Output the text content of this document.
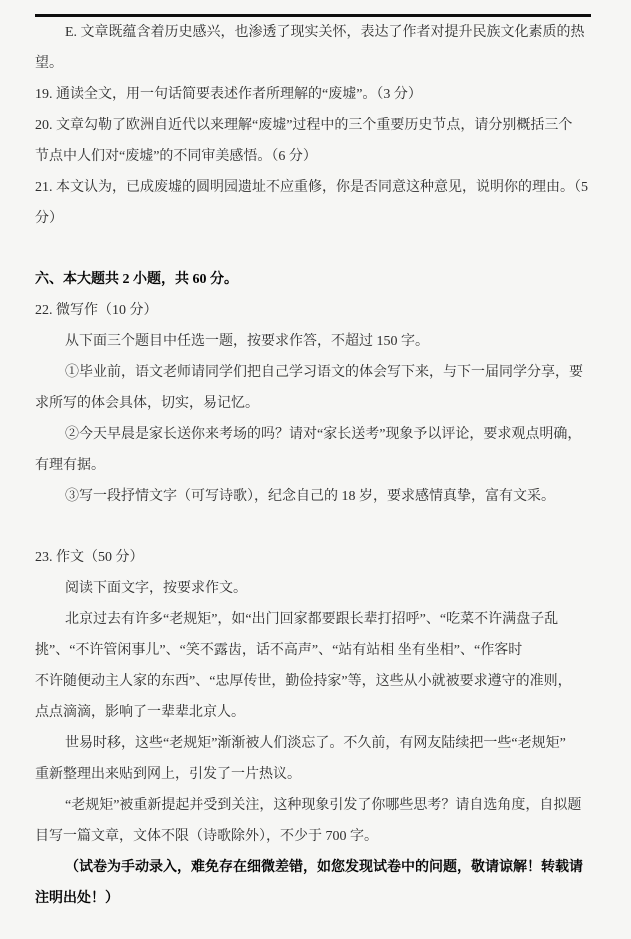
E. 文章既蕴含着历史感兴，也渗透了现实关怀，表达了作者对提升民族文化素质的热
望。
19. 通读全文，用一句话简要表述作者所理解的“废墟”。（3 分）
20. 文章勾勒了欧洲自近代以来理解“废墟”过程中的三个重要历史节点，请分别概括三个
节点中人们对“废墟”的不同审美感悟。（6 分）
21. 本文认为，已成废墟的圆明园遗址不应重修，你是否同意这种意见，说明你的理由。（5
分）
六、本大题共 2 小题，共 60 分。
22. 微写作（10 分）
从下面三个题目中任选一题，按要求作答，不超过 150 字。
①毕业前，语文老师请同学们把自己学习语文的体会写下来，与下一届同学分享，要
求所写的体会具体，切实，易记忆。
②今天早晨是家长送你来考场的吗？请对“家长送考”现象予以评论，要求观点明确，
有理有据。
③写一段抒情文字（可写诗歌），纪念自己的 18 岁，要求感情真挚，富有文采。
23. 作文（50 分）
阅读下面文字，按要求作文。
北京过去有许多“老规矩”，如“出门回家都要跟长辈打招呼”、“吃菜不许满盘子乱
挑”、“不许管闲事儿”、“笑不露齿，话不高声”、“站有站相 坐有坐相”、“作客时
不许随便动主人家的东西”、“忠厚传世，勤俭持家”等，这些从小就被要求遵守的准则，
点点滴滴，影响了一辈辈北京人。
世易时移，这些“老规矩”渐渐被人们淡忘了。不久前，有网友陆续把一些“老规矩”
重新整理出来贴到网上，引发了一片热议。
“老规矩”被重新提起并受到关注，这种现象引发了你哪些思考？请自选角度，自拟题
目写一篇文章，文体不限（诗歌除外），不少于 700 字。
（试卷为手动录入，难免存在细微差错，如您发现试卷中的问题，敬请谅解！转载请
注明出处！）
